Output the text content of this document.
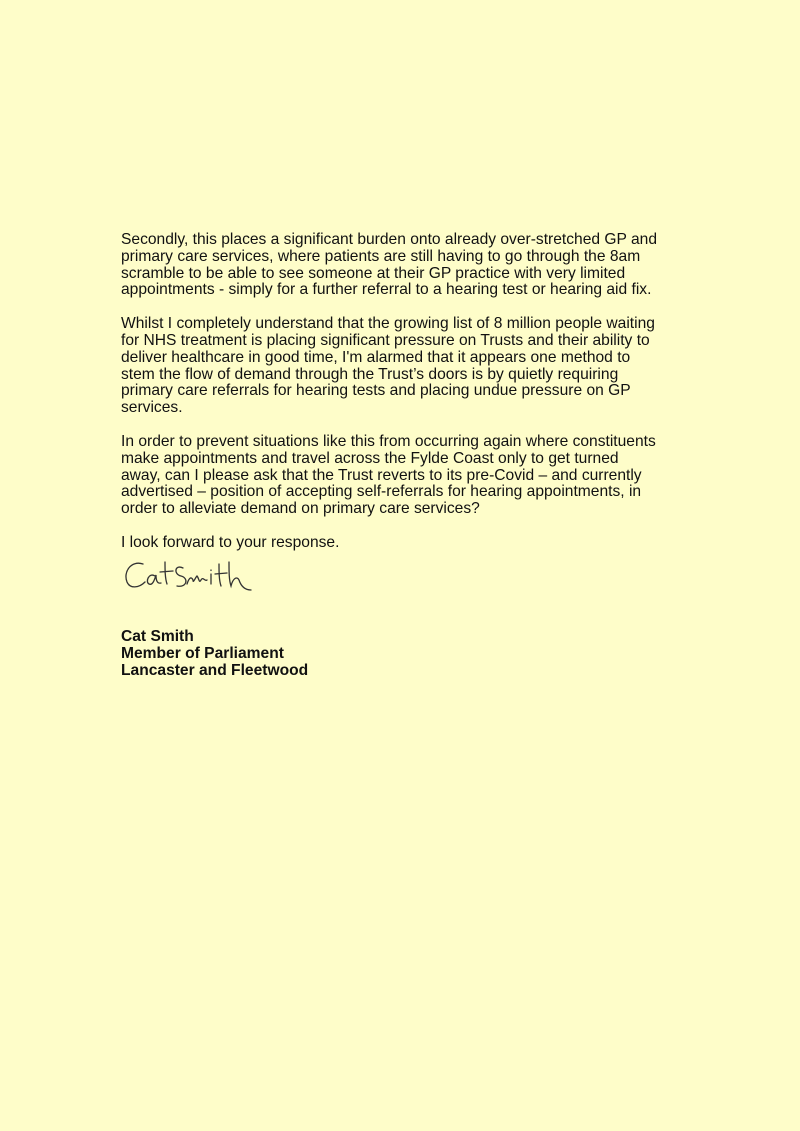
Secondly, this places a significant burden onto already over-stretched GP and
primary care services, where patients are still having to go through the 8am
scramble to be able to see someone at their GP practice with very limited
appointments - simply for a further referral to a hearing test or hearing aid fix.

Whilst I completely understand that the growing list of 8 million people waiting
for NHS treatment is placing significant pressure on Trusts and their ability to
deliver healthcare in good time, I'm alarmed that it appears one method to
stem the flow of demand through the Trust’s doors is by quietly requiring
primary care referrals for hearing tests and placing undue pressure on GP
services.

In order to prevent situations like this from occurring again where constituents
make appointments and travel across the Fylde Coast only to get turned
away, can I please ask that the Trust reverts to its pre-Covid – and currently
advertised – position of accepting self-referrals for hearing appointments, in
order to alleviate demand on primary care services?

I look forward to your response.

Cat Smith
Member of Parliament
Lancaster and Fleetwood
